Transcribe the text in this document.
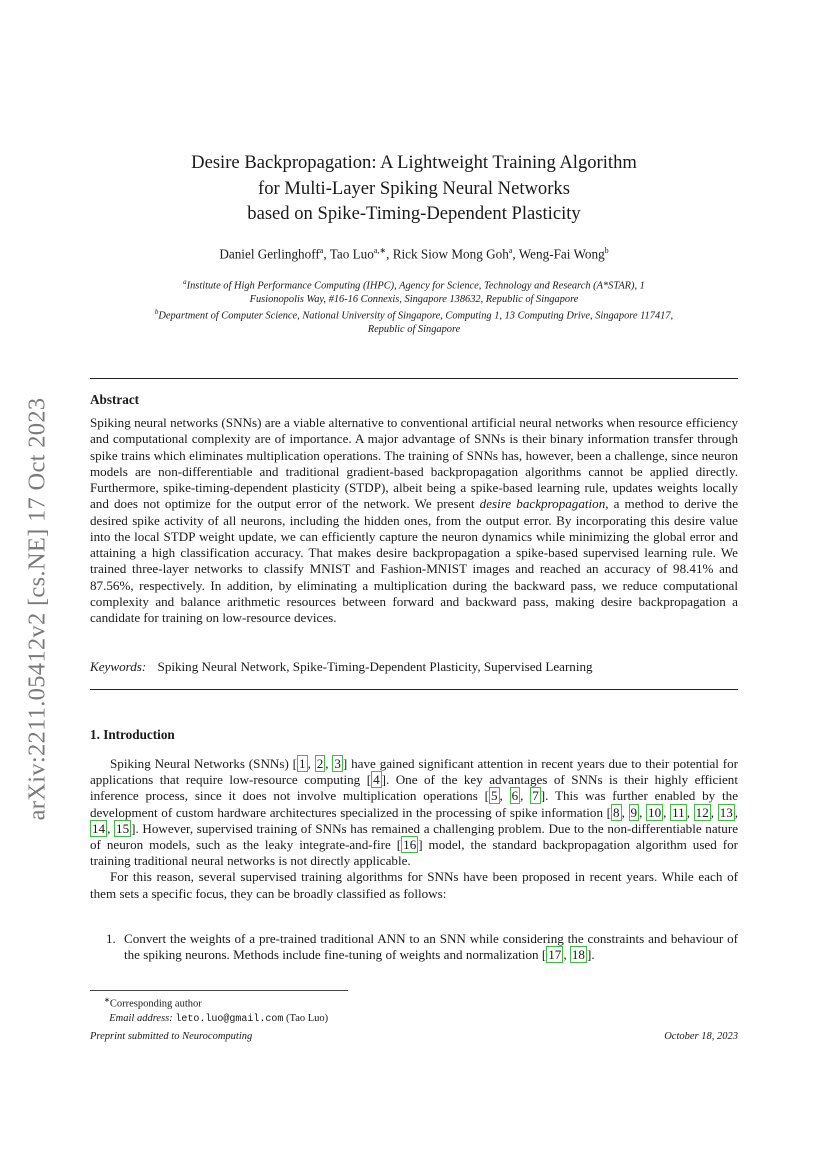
arXiv:2211.05412v2 [cs.NE] 17 Oct 2023
Desire Backpropagation: A Lightweight Training Algorithm
for Multi-Layer Spiking Neural Networks
based on Spike-Timing-Dependent Plasticity
Daniel Gerlinghoff$^a$, Tao Luo$^{a,∗}$, Rick Siow Mong Goh$^a$, Weng-Fai Wong$^b$
$^a$Institute of High Performance Computing (IHPC), Agency for Science, Technology and Research (A*STAR), 1
Fusionopolis Way, #16-16 Connexis, Singapore 138632, Republic of Singapore
$^b$Department of Computer Science, National University of Singapore, Computing 1, 13 Computing Drive, Singapore 117417,
Republic of Singapore
Abstract
Spiking neural networks (SNNs) are a viable alternative to conventional artificial neural networks when resource efficiency and computational complexity are of importance. A major advantage of SNNs is their binary information transfer through spike trains which eliminates multiplication operations. The training of SNNs has, however, been a challenge, since neuron models are non-differentiable and traditional gradient-based backpropagation algorithms cannot be applied directly. Furthermore, spike-timing-dependent plasticity (STDP), albeit being a spike-based learning rule, updates weights locally and does not optimize for the output error of the network. We present desire backpropagation, a method to derive the desired spike activity of all neurons, including the hidden ones, from the output error. By incorporating this desire value into the local STDP weight update, we can efficiently capture the neuron dynamics while minimizing the global error and attaining a high classification accuracy. That makes desire backpropagation a spike-based supervised learning rule. We trained three-layer networks to classify MNIST and Fashion-MNIST images and reached an accuracy of 98.41% and 87.56%, respectively. In addition, by eliminating a multiplication during the backward pass, we reduce computational complexity and balance arithmetic resources between forward and backward pass, making desire backpropagation a candidate for training on low-resource devices.
Keywords: Spiking Neural Network, Spike-Timing-Dependent Plasticity, Supervised Learning
1. Introduction

Spiking Neural Networks (SNNs) [ 1 , 2 , 3 ] have gained significant attention in recent years due to their potential for applications that require low-resource computing [ 4 ]. One of the key advantages of SNNs is their highly efficient inference process, since it does not involve multiplication operations [ 5 , 6 , 7 ]. This was further enabled by the development of custom hardware architectures specialized in the processing of spike information [ 8 , 9 , 10 , 11 , 12 , 13 , 14 , 15 ]. However, supervised training of SNNs has remained a challenging problem. Due to the non-differentiable nature of neuron models, such as the leaky integrate-and-fire [ 16 ] model, the standard backpropagation algorithm used for training traditional neural networks is not directly applicable.

For this reason, several supervised training algorithms for SNNs have been proposed in recent years. While each of them sets a specific focus, they can be broadly classified as follows:

1. Convert the weights of a pre-trained traditional ANN to an SNN while considering the constraints and behaviour of the spiking neurons. Methods include fine-tuning of weights and normalization [ 17 , 18 ].
∗Corresponding author
Email address: leto.luo@gmail.com (Tao Luo)
Preprint submitted to Neurocomputing	October 18, 2023
